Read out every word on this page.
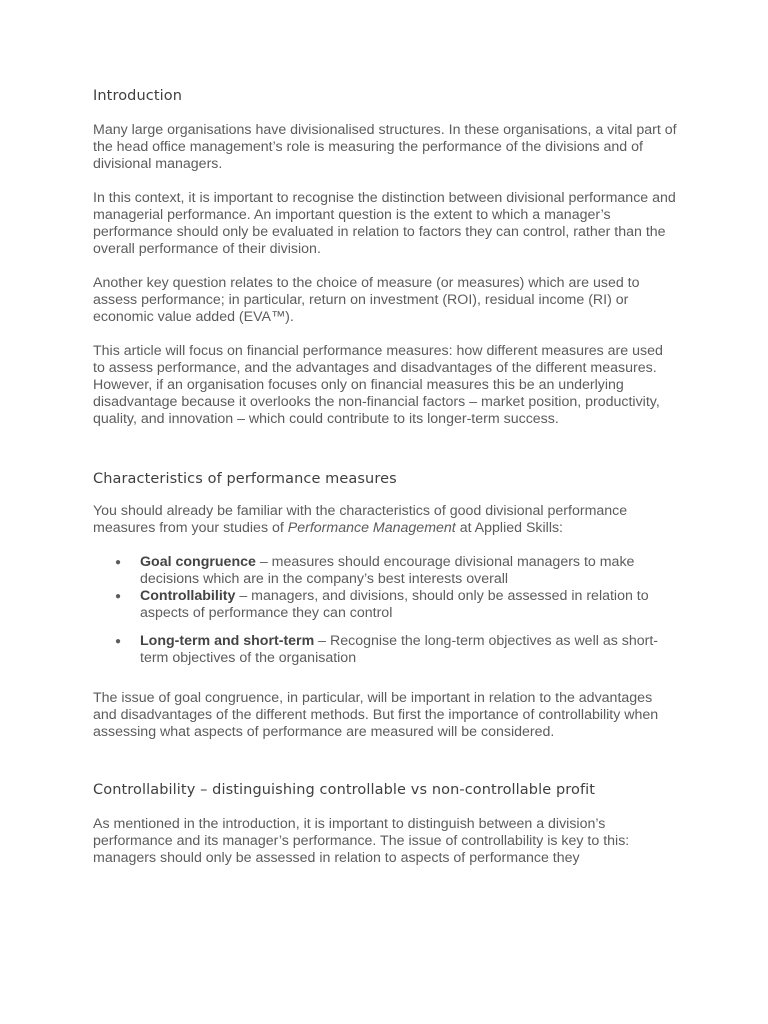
Introduction

Many large organisations have divisionalised structures. In these organisations, a vital part of the head office management’s role is measuring the performance of the divisions and of divisional managers.

In this context, it is important to recognise the distinction between divisional performance and managerial performance. An important question is the extent to which a manager’s performance should only be evaluated in relation to factors they can control, rather than the overall performance of their division.

Another key question relates to the choice of measure (or measures) which are used to assess performance; in particular, return on investment (ROI), residual income (RI) or economic value added (EVA™).

This article will focus on financial performance measures: how different measures are used to assess performance, and the advantages and disadvantages of the different measures. However, if an organisation focuses only on financial measures this be an underlying disadvantage because it overlooks the non-financial factors – market position, productivity, quality, and innovation – which could contribute to its longer-term success.

Characteristics of performance measures

You should already be familiar with the characteristics of good divisional performance measures from your studies of Performance Management at Applied Skills:

● Goal congruence – measures should encourage divisional managers to make decisions which are in the company’s best interests overall
● Controllability – managers, and divisions, should only be assessed in relation to aspects of performance they can control
● Long-term and short-term – Recognise the long-term objectives as well as short-term objectives of the organisation

The issue of goal congruence, in particular, will be important in relation to the advantages and disadvantages of the different methods. But first the importance of controllability when assessing what aspects of performance are measured will be considered.

Controllability – distinguishing controllable vs non-controllable profit

As mentioned in the introduction, it is important to distinguish between a division’s performance and its manager’s performance. The issue of controllability is key to this: managers should only be assessed in relation to aspects of performance they
